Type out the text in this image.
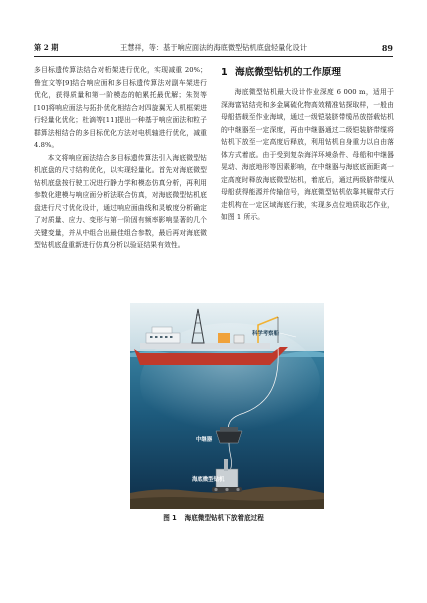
第 2 期	王慧祥，等：基于响应面法的海底微型钻机底盘轻量化设计	89

多目标遗传算法结合对桁架进行优化，实现减重 20%；鲁宜文等[9]结合响应面和多目标遗传算法对副车架进行优化，获得质量和第一阶模态的帕累托最优解；朱贺等[10]将响应面法与拓扑优化相结合对四旋翼无人机框架进行轻量化优化；杜滴等[11]提出一种基于响应面法和粒子群算法相结合的多目标优化方法对电机轴进行优化，减重 4.8%。

本文将响应面法结合多目标遗传算法引入海底微型钻机底盘的尺寸结构优化，以实现轻量化。首先对海底微型钻机底盘按行驶工况进行静力学和模态仿真分析，再利用参数化建模与响应面分析法联合仿真，对海底微型钻机底盘进行尺寸优化设计，通过响应面曲线和灵敏度分析确定了对质量、应力、变形与第一阶固有频率影响显著的几个关键变量，并从中组合出最佳组合参数，最后再对海底微型钻机底盘重新进行仿真分析以验证结果有效性。

1 海底微型钻机的工作原理

海底微型钻机最大设计作业深度 6 000 m，适用于深海富钴结壳和多金属硫化物高效精准钻探取样，一般由母船搭载至作业海域，通过一级铠装脐带缆吊放搭载钻机的中继器至一定深度，再由中继器通过二级铠装脐带缆将钻机下放至一定高度后释放，利用钻机自身重力以自由落体方式着底。由于受到复杂海洋环境条件、母船和中继器晃动、海底地形等因素影响，在中继器与海底底面距离一定高度时释放海底微型钻机，着底后，通过两级脐带缆从母船获得能源并传输信号，海底微型钻机依靠其履带式行走机构在一定区域海底行驶，实现多点位地质取芯作业，如图 1 所示。

科学考察船
中继器
海底微型钻机
图 1 海底微型钻机下放着底过程
